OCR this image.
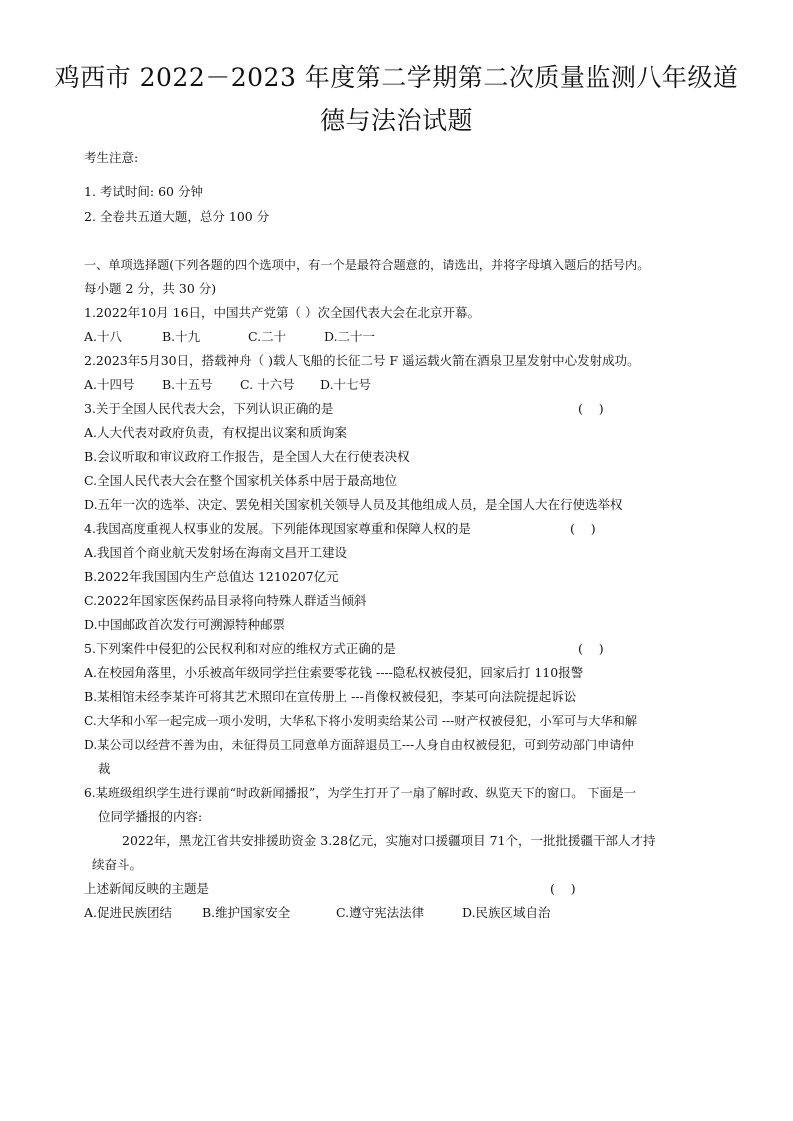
鸡西市 2022－2023 年度第二学期第二次质量监测八年级道
德与法治试题
考生注意:
1. 考试时间: 60 分钟
2. 全卷共五道大题，总分 100 分
一、单项选择题(下列各题的四个选项中，有一个是最符合题意的，请选出，并将字母填入题后的括号内。
每小题 2 分，共 30 分)
1.2022年10月 16日，中国共产党第（ ）次全国代表大会在北京开幕。
A.十八	B.十九	C.二十	D.二十一
2.2023年5月30日，搭载神舟（ )载人飞船的长征二号 F 遥运载火箭在酒泉卫星发射中心发射成功。
A.十四号 B.十五号 C. 十六号 D.十七号
3.关于全国人民代表大会，下列认识正确的是	(    )
A.人大代表对政府负责，有权提出议案和质询案
B.会议听取和审议政府工作报告，是全国人大在行使表决权
C.全国人民代表大会在整个国家机关体系中居于最高地位
D.五年一次的选举、决定、罢免相关国家机关领导人员及其他组成人员，是全国人大在行使选举权
4.我国高度重视人权事业的发展。下列能体现国家尊重和保障人权的是	(    )
A.我国首个商业航天发射场在海南文昌开工建设
B.2022年我国国内生产总值达 1210207亿元
C.2022年国家医保药品目录将向特殊人群适当倾斜
D.中国邮政首次发行可溯源特种邮票
5.下列案件中侵犯的公民权利和对应的维权方式正确的是	(    )
A.在校园角落里，小乐被高年级同学拦住索要零花钱 ----隐私权被侵犯，回家后打 110报警
B.某相馆未经李某许可将其艺术照印在宣传册上 ---肖像权被侵犯，李某可向法院提起诉讼
C.大华和小军一起完成一项小发明，大华私下将小发明卖给某公司 ---财产权被侵犯，小军可与大华和解
D.某公司以经营不善为由，未征得员工同意单方面辞退员工---人身自由权被侵犯，可到劳动部门申请仲
裁
6.某班级组织学生进行课前“时政新闻播报”，为学生打开了一扇了解时政、纵览天下的窗口。 下面是一
位同学播报的内容:
2022年，黑龙江省共安排援助资金 3.28亿元，实施对口援疆项目 71个，一批批援疆干部人才持
续奋斗。
上述新闻反映的主题是	(    )
A.促进民族团结 B.维护国家安全	C.遵守宪法法律	D.民族区域自治
